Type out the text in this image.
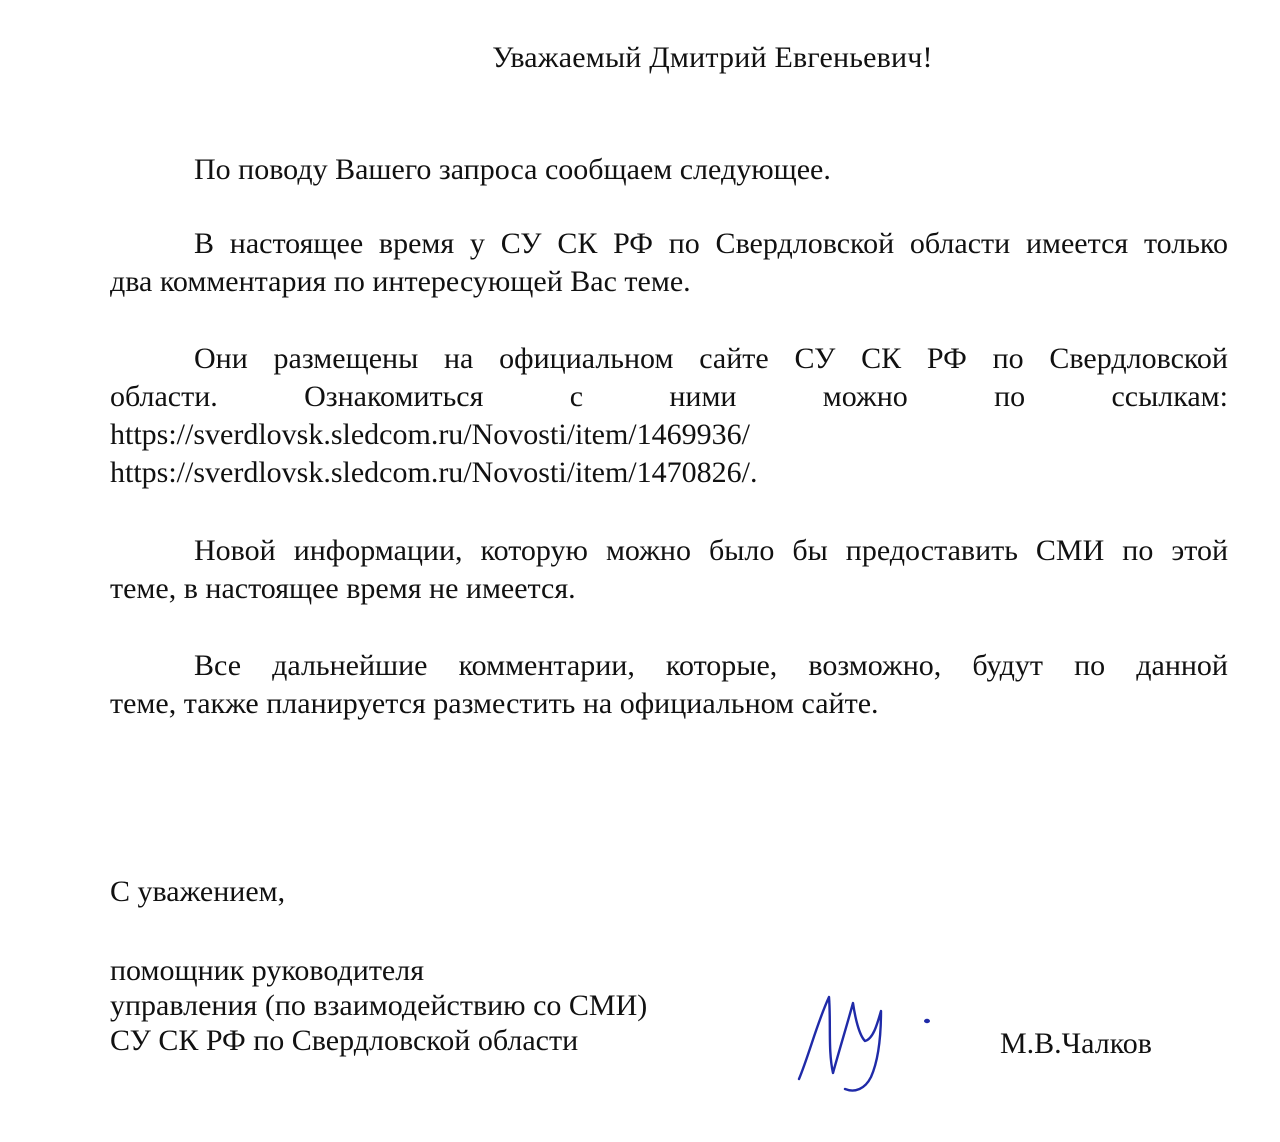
Уважаемый Дмитрий Евгеньевич!
По поводу Вашего запроса сообщаем следующее.
В настоящее время у СУ СК РФ по Свердловской области имеется только
два комментария по интересующей Вас теме.
Они размещены на официальном сайте СУ СК РФ по Свердловской
области. Ознакомиться с ними можно по ссылкам:
https://sverdlovsk.sledcom.ru/Novosti/item/1469936/
https://sverdlovsk.sledcom.ru/Novosti/item/1470826/.
Новой информации, которую можно было бы предоставить СМИ по этой
теме, в настоящее время не имеется.
Все дальнейшие комментарии, которые, возможно, будут по данной
теме, также планируется разместить на официальном сайте.
С уважением,
помощник руководителя
управления (по взаимодействию со СМИ)
СУ СК РФ по Свердловской области	М.В.Чалков
